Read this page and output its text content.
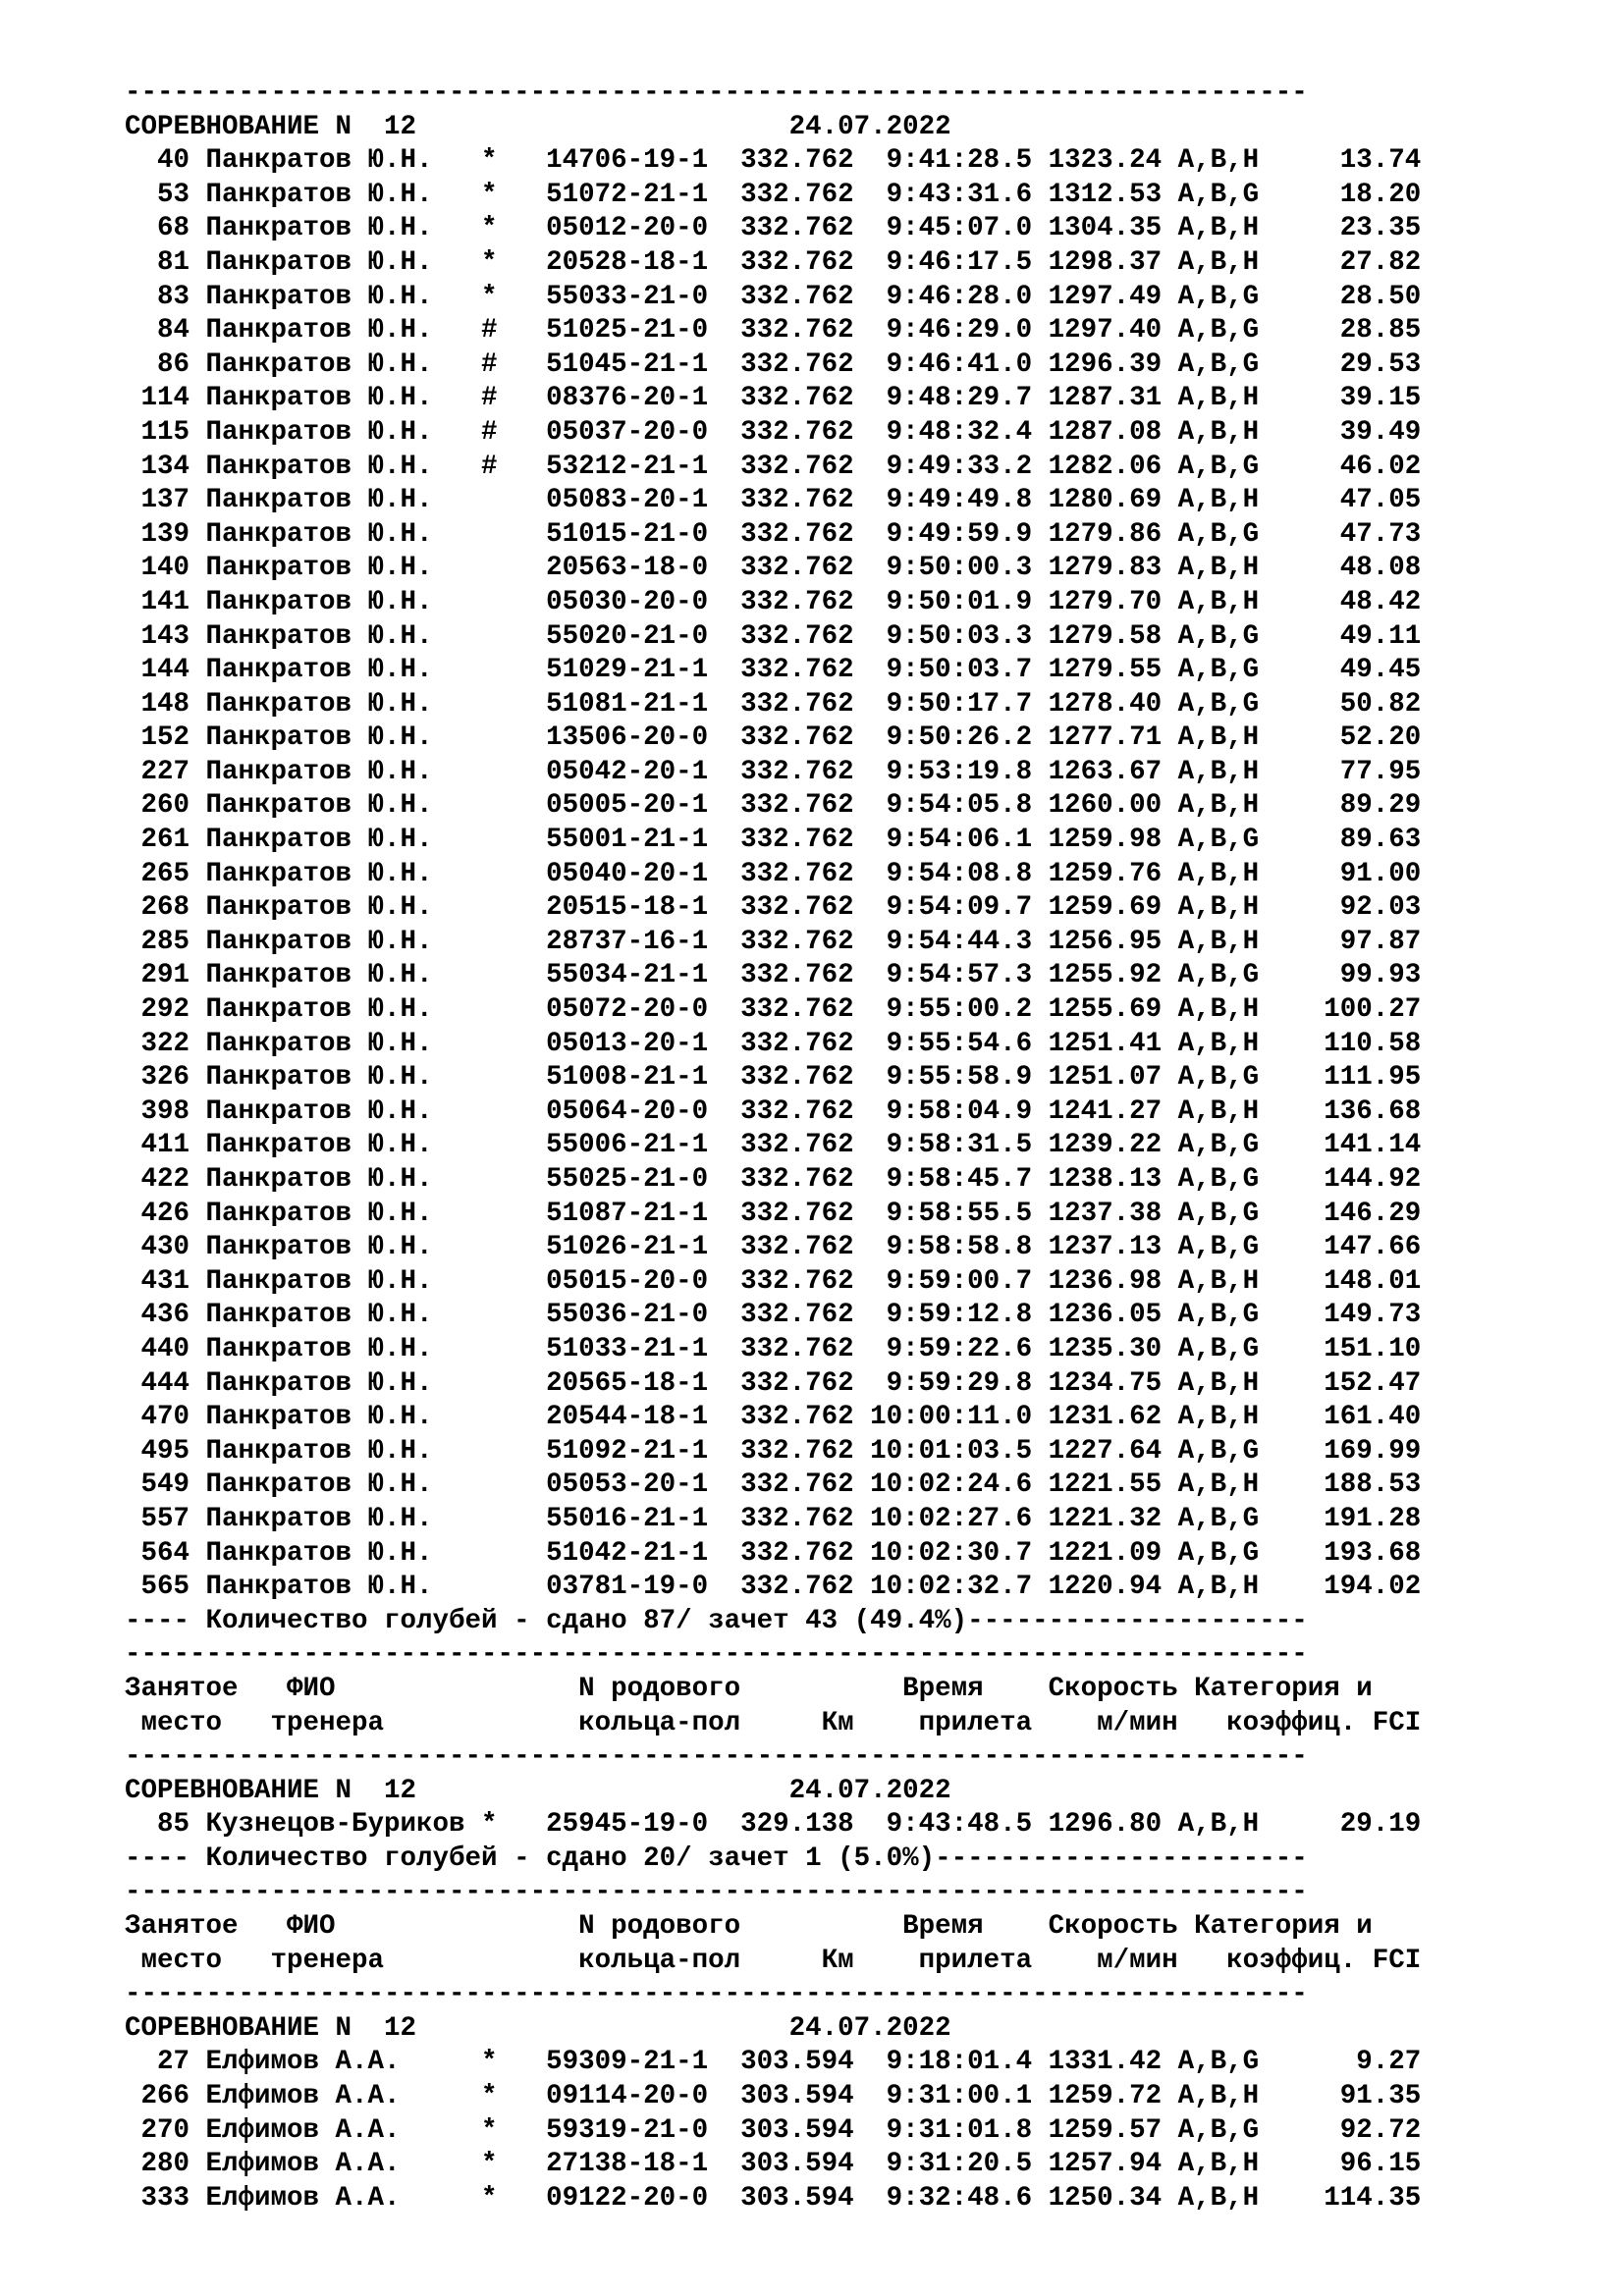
-------------------------------------------------------------------------
СОРЕВНОВАНИЕ N  12                       24.07.2022
40 Панкратов Ю.Н.   *   14706-19-1  332.762  9:41:28.5 1323.24 A,B,H     13.74
53 Панкратов Ю.Н.   *   51072-21-1  332.762  9:43:31.6 1312.53 A,B,G     18.20
68 Панкратов Ю.Н.   *   05012-20-0  332.762  9:45:07.0 1304.35 A,B,H     23.35
81 Панкратов Ю.Н.   *   20528-18-1  332.762  9:46:17.5 1298.37 A,B,H     27.82
83 Панкратов Ю.Н.   *   55033-21-0  332.762  9:46:28.0 1297.49 A,B,G     28.50
84 Панкратов Ю.Н.   #   51025-21-0  332.762  9:46:29.0 1297.40 A,B,G     28.85
86 Панкратов Ю.Н.   #   51045-21-1  332.762  9:46:41.0 1296.39 A,B,G     29.53
114 Панкратов Ю.Н.   #   08376-20-1  332.762  9:48:29.7 1287.31 A,B,H     39.15
115 Панкратов Ю.Н.   #   05037-20-0  332.762  9:48:32.4 1287.08 A,B,H     39.49
134 Панкратов Ю.Н.   #   53212-21-1  332.762  9:49:33.2 1282.06 A,B,G     46.02
137 Панкратов Ю.Н.       05083-20-1  332.762  9:49:49.8 1280.69 A,B,H     47.05
139 Панкратов Ю.Н.       51015-21-0  332.762  9:49:59.9 1279.86 A,B,G     47.73
140 Панкратов Ю.Н.       20563-18-0  332.762  9:50:00.3 1279.83 A,B,H     48.08
141 Панкратов Ю.Н.       05030-20-0  332.762  9:50:01.9 1279.70 A,B,H     48.42
143 Панкратов Ю.Н.       55020-21-0  332.762  9:50:03.3 1279.58 A,B,G     49.11
144 Панкратов Ю.Н.       51029-21-1  332.762  9:50:03.7 1279.55 A,B,G     49.45
148 Панкратов Ю.Н.       51081-21-1  332.762  9:50:17.7 1278.40 A,B,G     50.82
152 Панкратов Ю.Н.       13506-20-0  332.762  9:50:26.2 1277.71 A,B,H     52.20
227 Панкратов Ю.Н.       05042-20-1  332.762  9:53:19.8 1263.67 A,B,H     77.95
260 Панкратов Ю.Н.       05005-20-1  332.762  9:54:05.8 1260.00 A,B,H     89.29
261 Панкратов Ю.Н.       55001-21-1  332.762  9:54:06.1 1259.98 A,B,G     89.63
265 Панкратов Ю.Н.       05040-20-1  332.762  9:54:08.8 1259.76 A,B,H     91.00
268 Панкратов Ю.Н.       20515-18-1  332.762  9:54:09.7 1259.69 A,B,H     92.03
285 Панкратов Ю.Н.       28737-16-1  332.762  9:54:44.3 1256.95 A,B,H     97.87
291 Панкратов Ю.Н.       55034-21-1  332.762  9:54:57.3 1255.92 A,B,G     99.93
292 Панкратов Ю.Н.       05072-20-0  332.762  9:55:00.2 1255.69 A,B,H    100.27
322 Панкратов Ю.Н.       05013-20-1  332.762  9:55:54.6 1251.41 A,B,H    110.58
326 Панкратов Ю.Н.       51008-21-1  332.762  9:55:58.9 1251.07 A,B,G    111.95
398 Панкратов Ю.Н.       05064-20-0  332.762  9:58:04.9 1241.27 A,B,H    136.68
411 Панкратов Ю.Н.       55006-21-1  332.762  9:58:31.5 1239.22 A,B,G    141.14
422 Панкратов Ю.Н.       55025-21-0  332.762  9:58:45.7 1238.13 A,B,G    144.92
426 Панкратов Ю.Н.       51087-21-1  332.762  9:58:55.5 1237.38 A,B,G    146.29
430 Панкратов Ю.Н.       51026-21-1  332.762  9:58:58.8 1237.13 A,B,G    147.66
431 Панкратов Ю.Н.       05015-20-0  332.762  9:59:00.7 1236.98 A,B,H    148.01
436 Панкратов Ю.Н.       55036-21-0  332.762  9:59:12.8 1236.05 A,B,G    149.73
440 Панкратов Ю.Н.       51033-21-1  332.762  9:59:22.6 1235.30 A,B,G    151.10
444 Панкратов Ю.Н.       20565-18-1  332.762  9:59:29.8 1234.75 A,B,H    152.47
470 Панкратов Ю.Н.       20544-18-1  332.762 10:00:11.0 1231.62 A,B,H    161.40
495 Панкратов Ю.Н.       51092-21-1  332.762 10:01:03.5 1227.64 A,B,G    169.99
549 Панкратов Ю.Н.       05053-20-1  332.762 10:02:24.6 1221.55 A,B,H    188.53
557 Панкратов Ю.Н.       55016-21-1  332.762 10:02:27.6 1221.32 A,B,G    191.28
564 Панкратов Ю.Н.       51042-21-1  332.762 10:02:30.7 1221.09 A,B,G    193.68
565 Панкратов Ю.Н.       03781-19-0  332.762 10:02:32.7 1220.94 A,B,H    194.02
---- Количество голубей - сдано 87/ зачет 43 (49.4%)---------------------
-------------------------------------------------------------------------
Занятое   ФИО               N родового          Время    Скорость Категория и
место   тренера            кольца-пол     Км    прилета    м/мин   коэффиц. FCI
-------------------------------------------------------------------------
СОРЕВНОВАНИЕ N  12                       24.07.2022
85 Кузнецов-Буриков *   25945-19-0  329.138  9:43:48.5 1296.80 A,B,H     29.19
---- Количество голубей - сдано 20/ зачет 1 (5.0%)-----------------------
-------------------------------------------------------------------------
Занятое   ФИО               N родового          Время    Скорость Категория и
место   тренера            кольца-пол     Км    прилета    м/мин   коэффиц. FCI
-------------------------------------------------------------------------
СОРЕВНОВАНИЕ N  12                       24.07.2022
27 Елфимов А.А.     *   59309-21-1  303.594  9:18:01.4 1331.42 A,B,G      9.27
266 Елфимов А.А.     *   09114-20-0  303.594  9:31:00.1 1259.72 A,B,H     91.35
270 Елфимов А.А.     *   59319-21-0  303.594  9:31:01.8 1259.57 A,B,G     92.72
280 Елфимов А.А.     *   27138-18-1  303.594  9:31:20.5 1257.94 A,B,H     96.15
333 Елфимов А.А.     *   09122-20-0  303.594  9:32:48.6 1250.34 A,B,H    114.35
